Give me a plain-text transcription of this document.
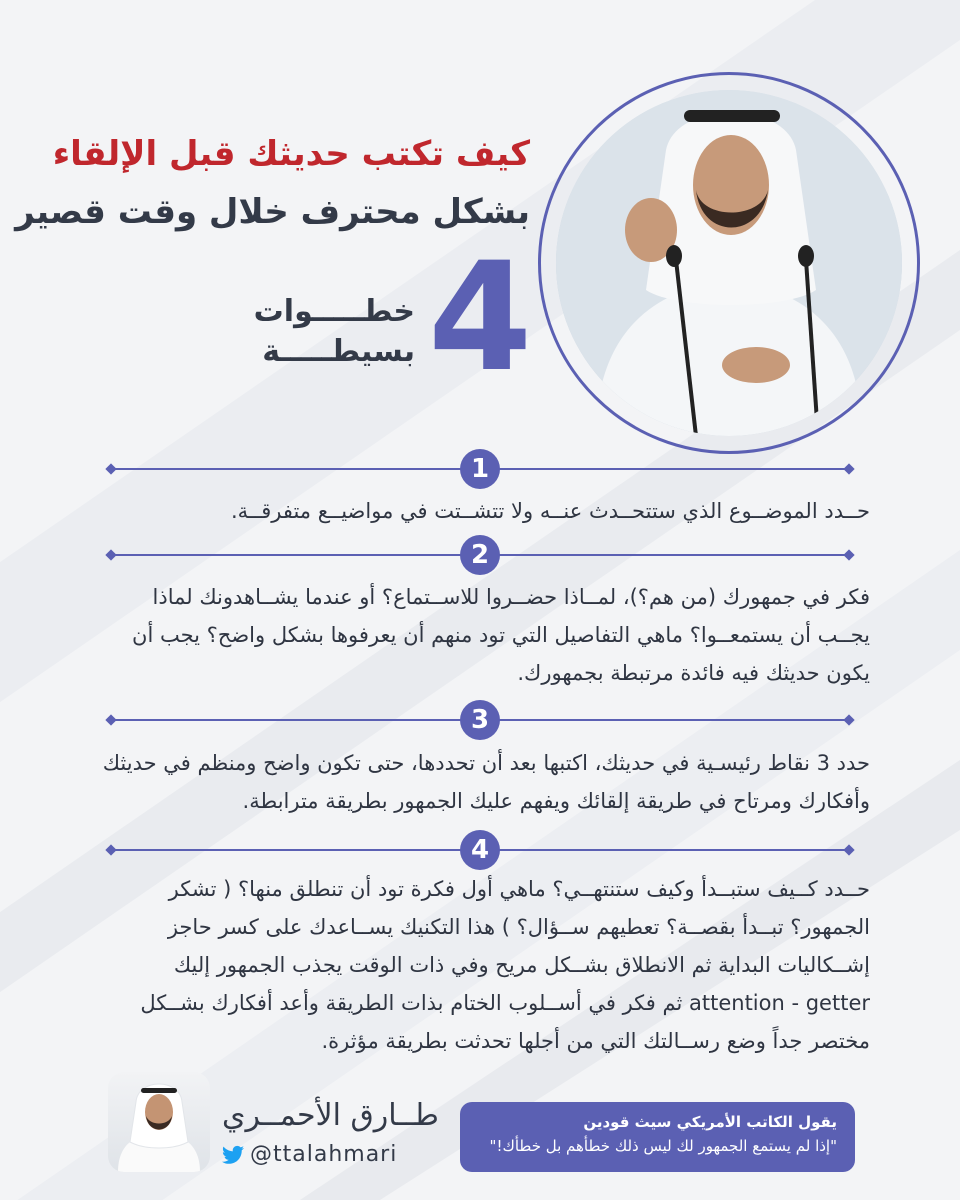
كيف تكتب حديثك قبل الإلقاء
بشكل محترف خلال وقت قصير
4
خطـــــوات
بسيطـــــة
1

حــدد الموضــوع الذي ستتحــدث عنــه ولا تتشــتت في مواضيــع متفرقــة.

2

فكر في جمهورك (من هم؟)، لمــاذا حضــروا للاســتماع؟ أو عندما يشــاهدونك لماذا يجــب أن يستمعــوا؟ ماهي التفاصيل التي تود منهم أن يعرفوها بشكل واضح؟ يجب أن يكون حديثك فيه فائدة مرتبطة بجمهورك.

3

حدد 3 نقاط رئيسـية في حديثك، اكتبها بعد أن تحددها، حتى تكون واضح ومنظم في حديثك وأفكارك ومرتاح في طريقة إلقائك ويفهم عليك الجمهور بطريقة مترابطة.

4

حــدد كــيف ستبــدأ وكيف ستنتهــي؟ ماهي أول فكرة تود أن تنطلق منها؟ ( تشكر الجمهور؟ تبــدأ بقصــة؟ تعطيهم ســؤال؟ ) هذا التكنيك يســاعدك على كسر حاجز إشــكاليات البداية ثم الانطلاق بشــكل مريح وفي ذات الوقت يجذب الجمهور إليك attention - getter ثم فكر في أســلوب الختام بذات الطريقة وأعد أفكارك بشــكل مختصر جداً وضع رســالتك التي من أجلها تحدثت بطريقة مؤثرة.

طــارق الأحمــري
@ttalahmari
يقول الكاتب الأمريكي سيث قودين
"إذا لم يستمع الجمهور لك ليس ذلك خطأهم بل خطأك!"
